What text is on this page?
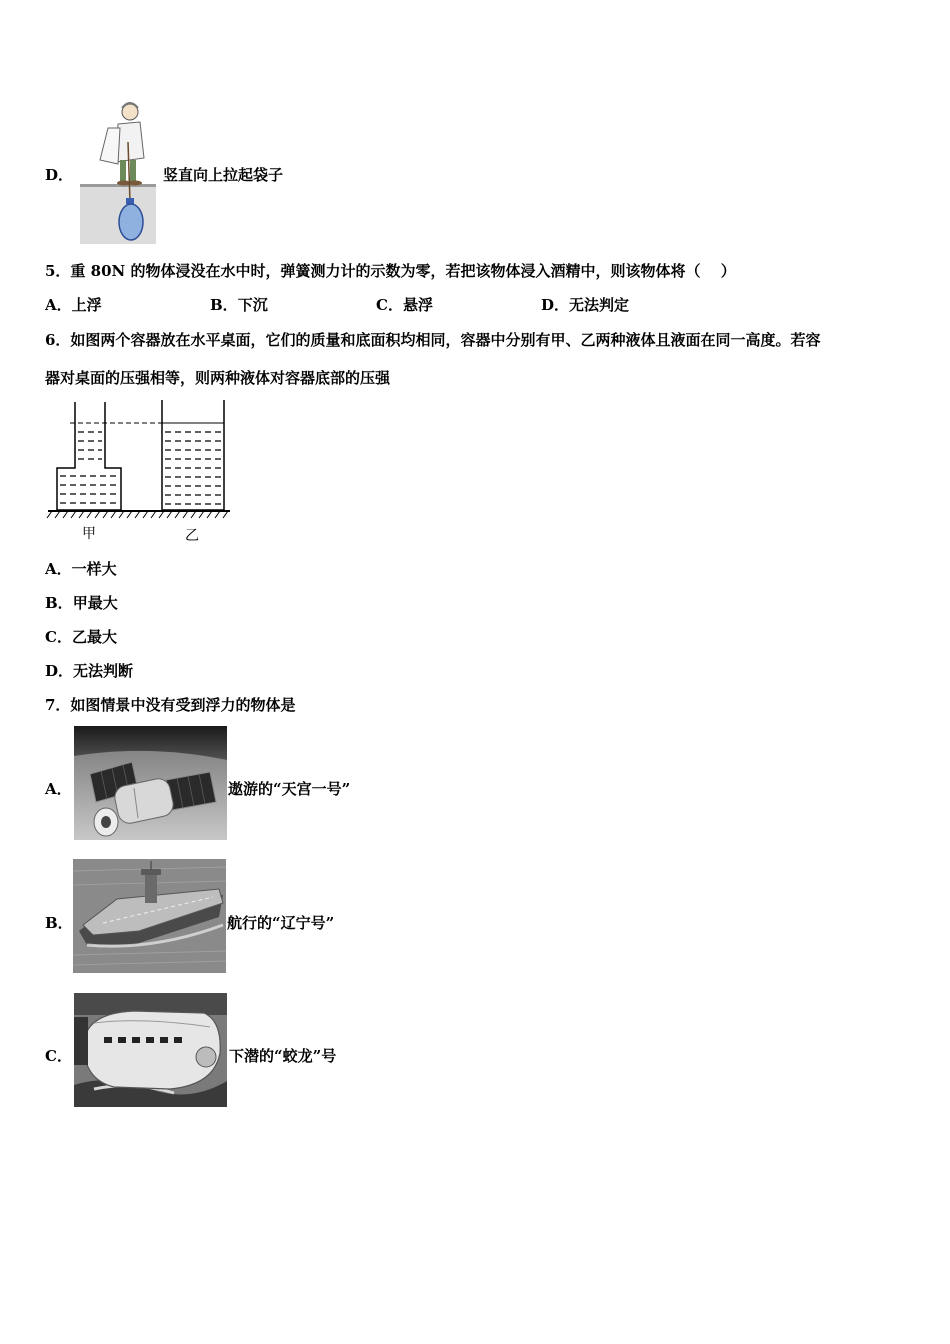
D．	竖直向上拉起袋子
5．重 80N 的物体浸没在水中时，弹簧测力计的示数为零，若把该物体浸入酒精中，则该物体将（　 ）
A．上浮	B．下沉	C．悬浮	D．无法判定
6．如图两个容器放在水平桌面，它们的质量和底面积均相同，容器中分别有甲、乙两种液体且液面在同一高度。若容
器对桌面的压强相等，则两种液体对容器底部的压强
甲	乙
A．一样大
B．甲最大
C．乙最大
D．无法判断
7．如图情景中没有受到浮力的物体是
A．	遨游的“天宫一号”
B．	航行的“辽宁号”
C．	下潜的“蛟龙”号
